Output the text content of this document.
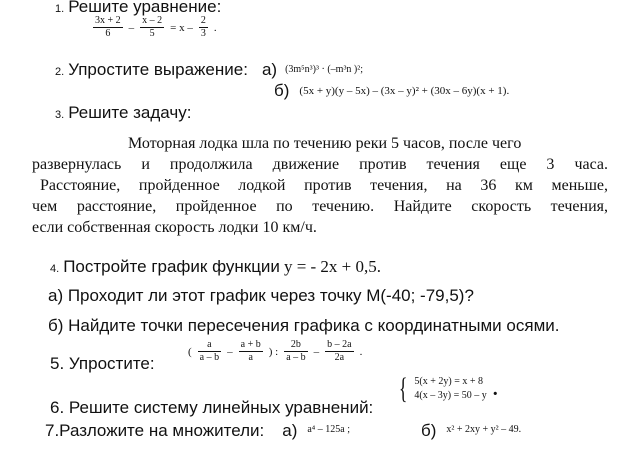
1. Решите уравнение:
$\frac{3x + 2}{6} - \frac{x - 2}{5} = x - \frac{2}{3}$ .
2. Упростите выражение: а) (3m⁵n³)³ · (–m³n )²;
б) (5x + y)(y – 5x) – (3x – y)² + (30x – 6y)(x + 1).
3. Решите задачу:
Моторная лодка шла по течению реки 5 часов, после чего
развернулась и продолжила движение против течения еще 3 часа.
Расстояние, пройденное лодкой против течения, на 36 км меньше,
чем расстояние, пройденное по течению. Найдите скорость течения,
если собственная скорость лодки 10 км/ч.
4. Постройте график функции y = - 2x + 0,5.
а) Проходит ли этот график через точку М(-40; -79,5)?
б) Найдите точки пересечения графика с координатными осями.
5. Упростите:
( $\frac{a}{a - b} - \frac{a + b}{a}$ ) : $\frac{2b}{a - b} - \frac{b - 2a}{2a}$ .
6. Решите систему линейных уравнений:
{ 5(x + 2y) = x + 8
4(x – 3y) = 50 – y .
7.Разложите на множители: а) $^{a^4 - 125a ;}$	б) $^{x^2 + 2xy + y^2 - 49.}$
